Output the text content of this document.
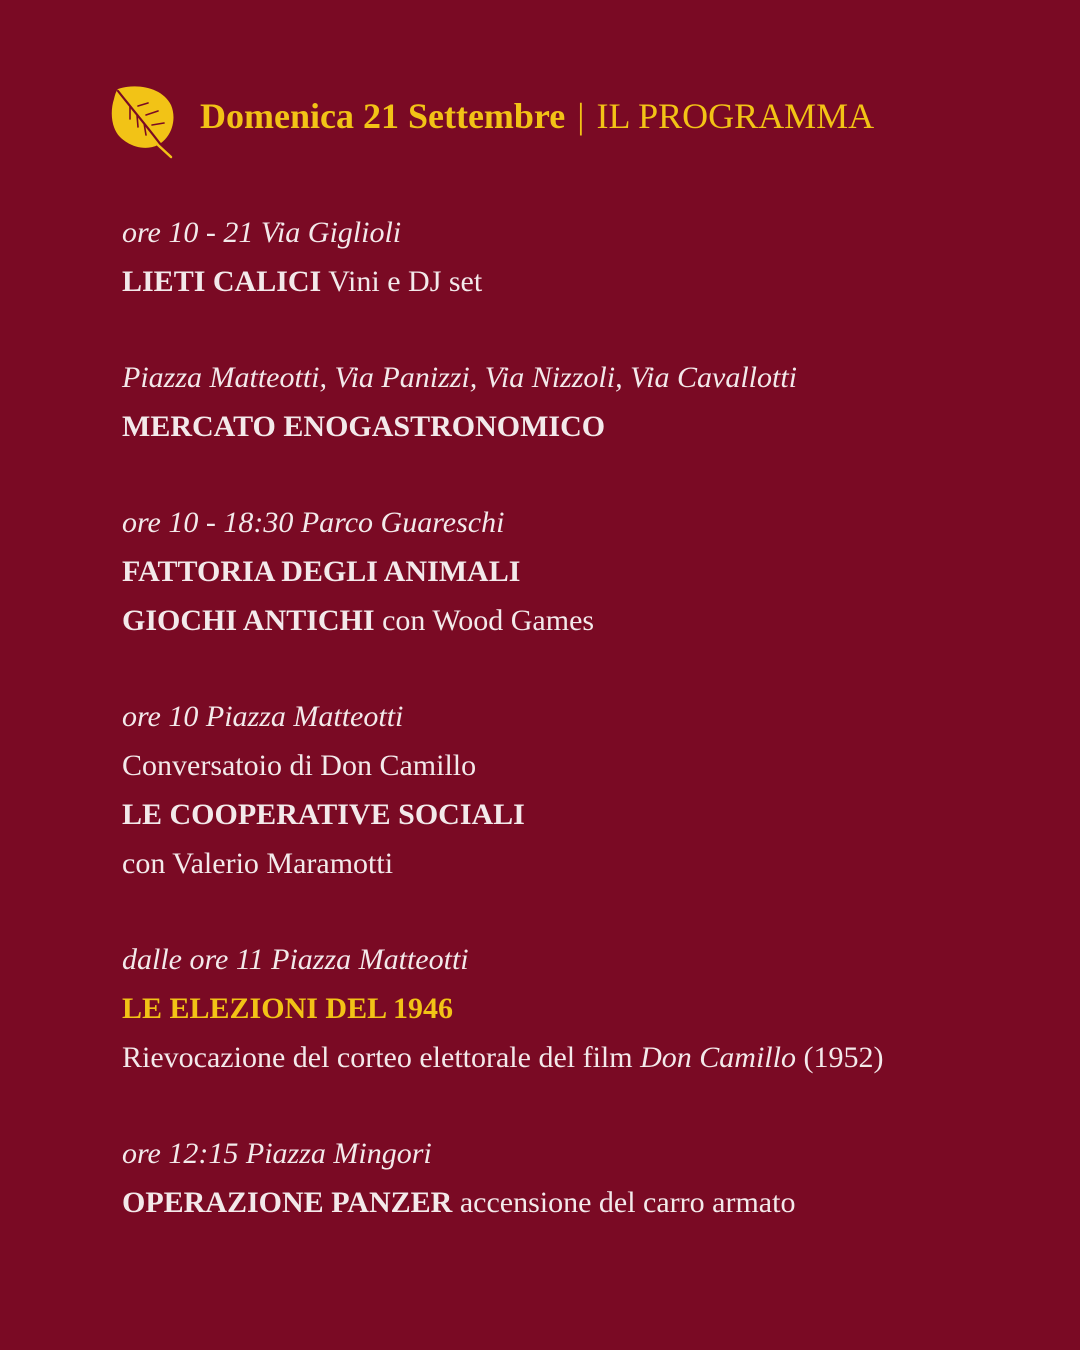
Domenica 21 Settembre | IL PROGRAMMA
ore 10 - 21 Via Giglioli
LIETI CALICI Vini e DJ set
Piazza Matteotti, Via Panizzi, Via Nizzoli, Via Cavallotti
MERCATO ENOGASTRONOMICO
ore 10 - 18:30 Parco Guareschi
FATTORIA DEGLI ANIMALI
GIOCHI ANTICHI con Wood Games
ore 10 Piazza Matteotti
Conversatoio di Don Camillo
LE COOPERATIVE SOCIALI
con Valerio Maramotti
dalle ore 11 Piazza Matteotti
LE ELEZIONI DEL 1946
Rievocazione del corteo elettorale del film Don Camillo (1952)
ore 12:15 Piazza Mingori
OPERAZIONE PANZER accensione del carro armato
